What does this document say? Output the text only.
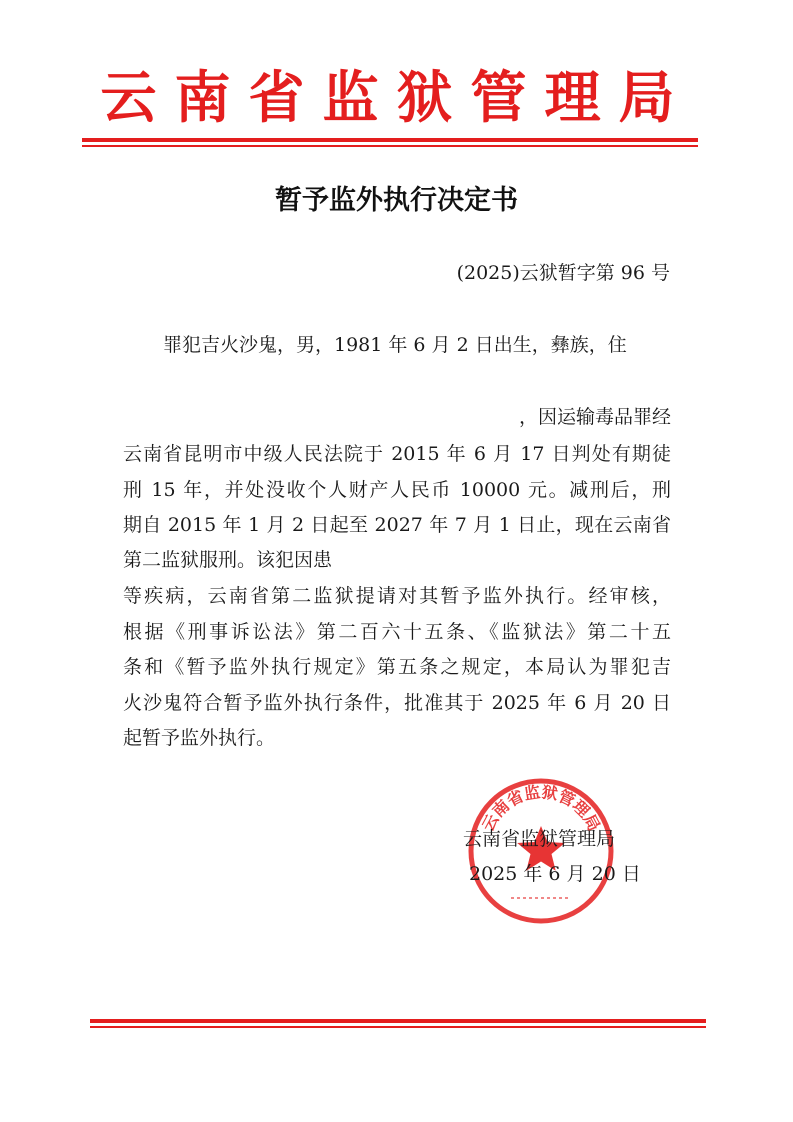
云南省监狱管理局
暂予监外执行决定书
(2025)云狱暂字第 96 号
罪犯吉火沙鬼，男，1981 年 6 月 2 日出生，彝族，住
，因运输毒品罪经
云南省昆明市中级人民法院于 2015 年 6 月 17 日判处有期徒
刑 15 年，并处没收个人财产人民币 10000 元。减刑后，刑
期自 2015 年 1 月 2 日起至 2027 年 7 月 1 日止，现在云南省
第二监狱服刑。该犯因患
等疾病，云南省第二监狱提请对其暂予监外执行。经审核，
根据《刑事诉讼法》第二百六十五条、《监狱法》第二十五
条和《暂予监外执行规定》第五条之规定，本局认为罪犯吉
火沙鬼符合暂予监外执行条件，批准其于 2025 年 6 月 20 日
起暂予监外执行。
云南省监狱管理局
云南省监狱管理局
2025 年 6 月 20 日
